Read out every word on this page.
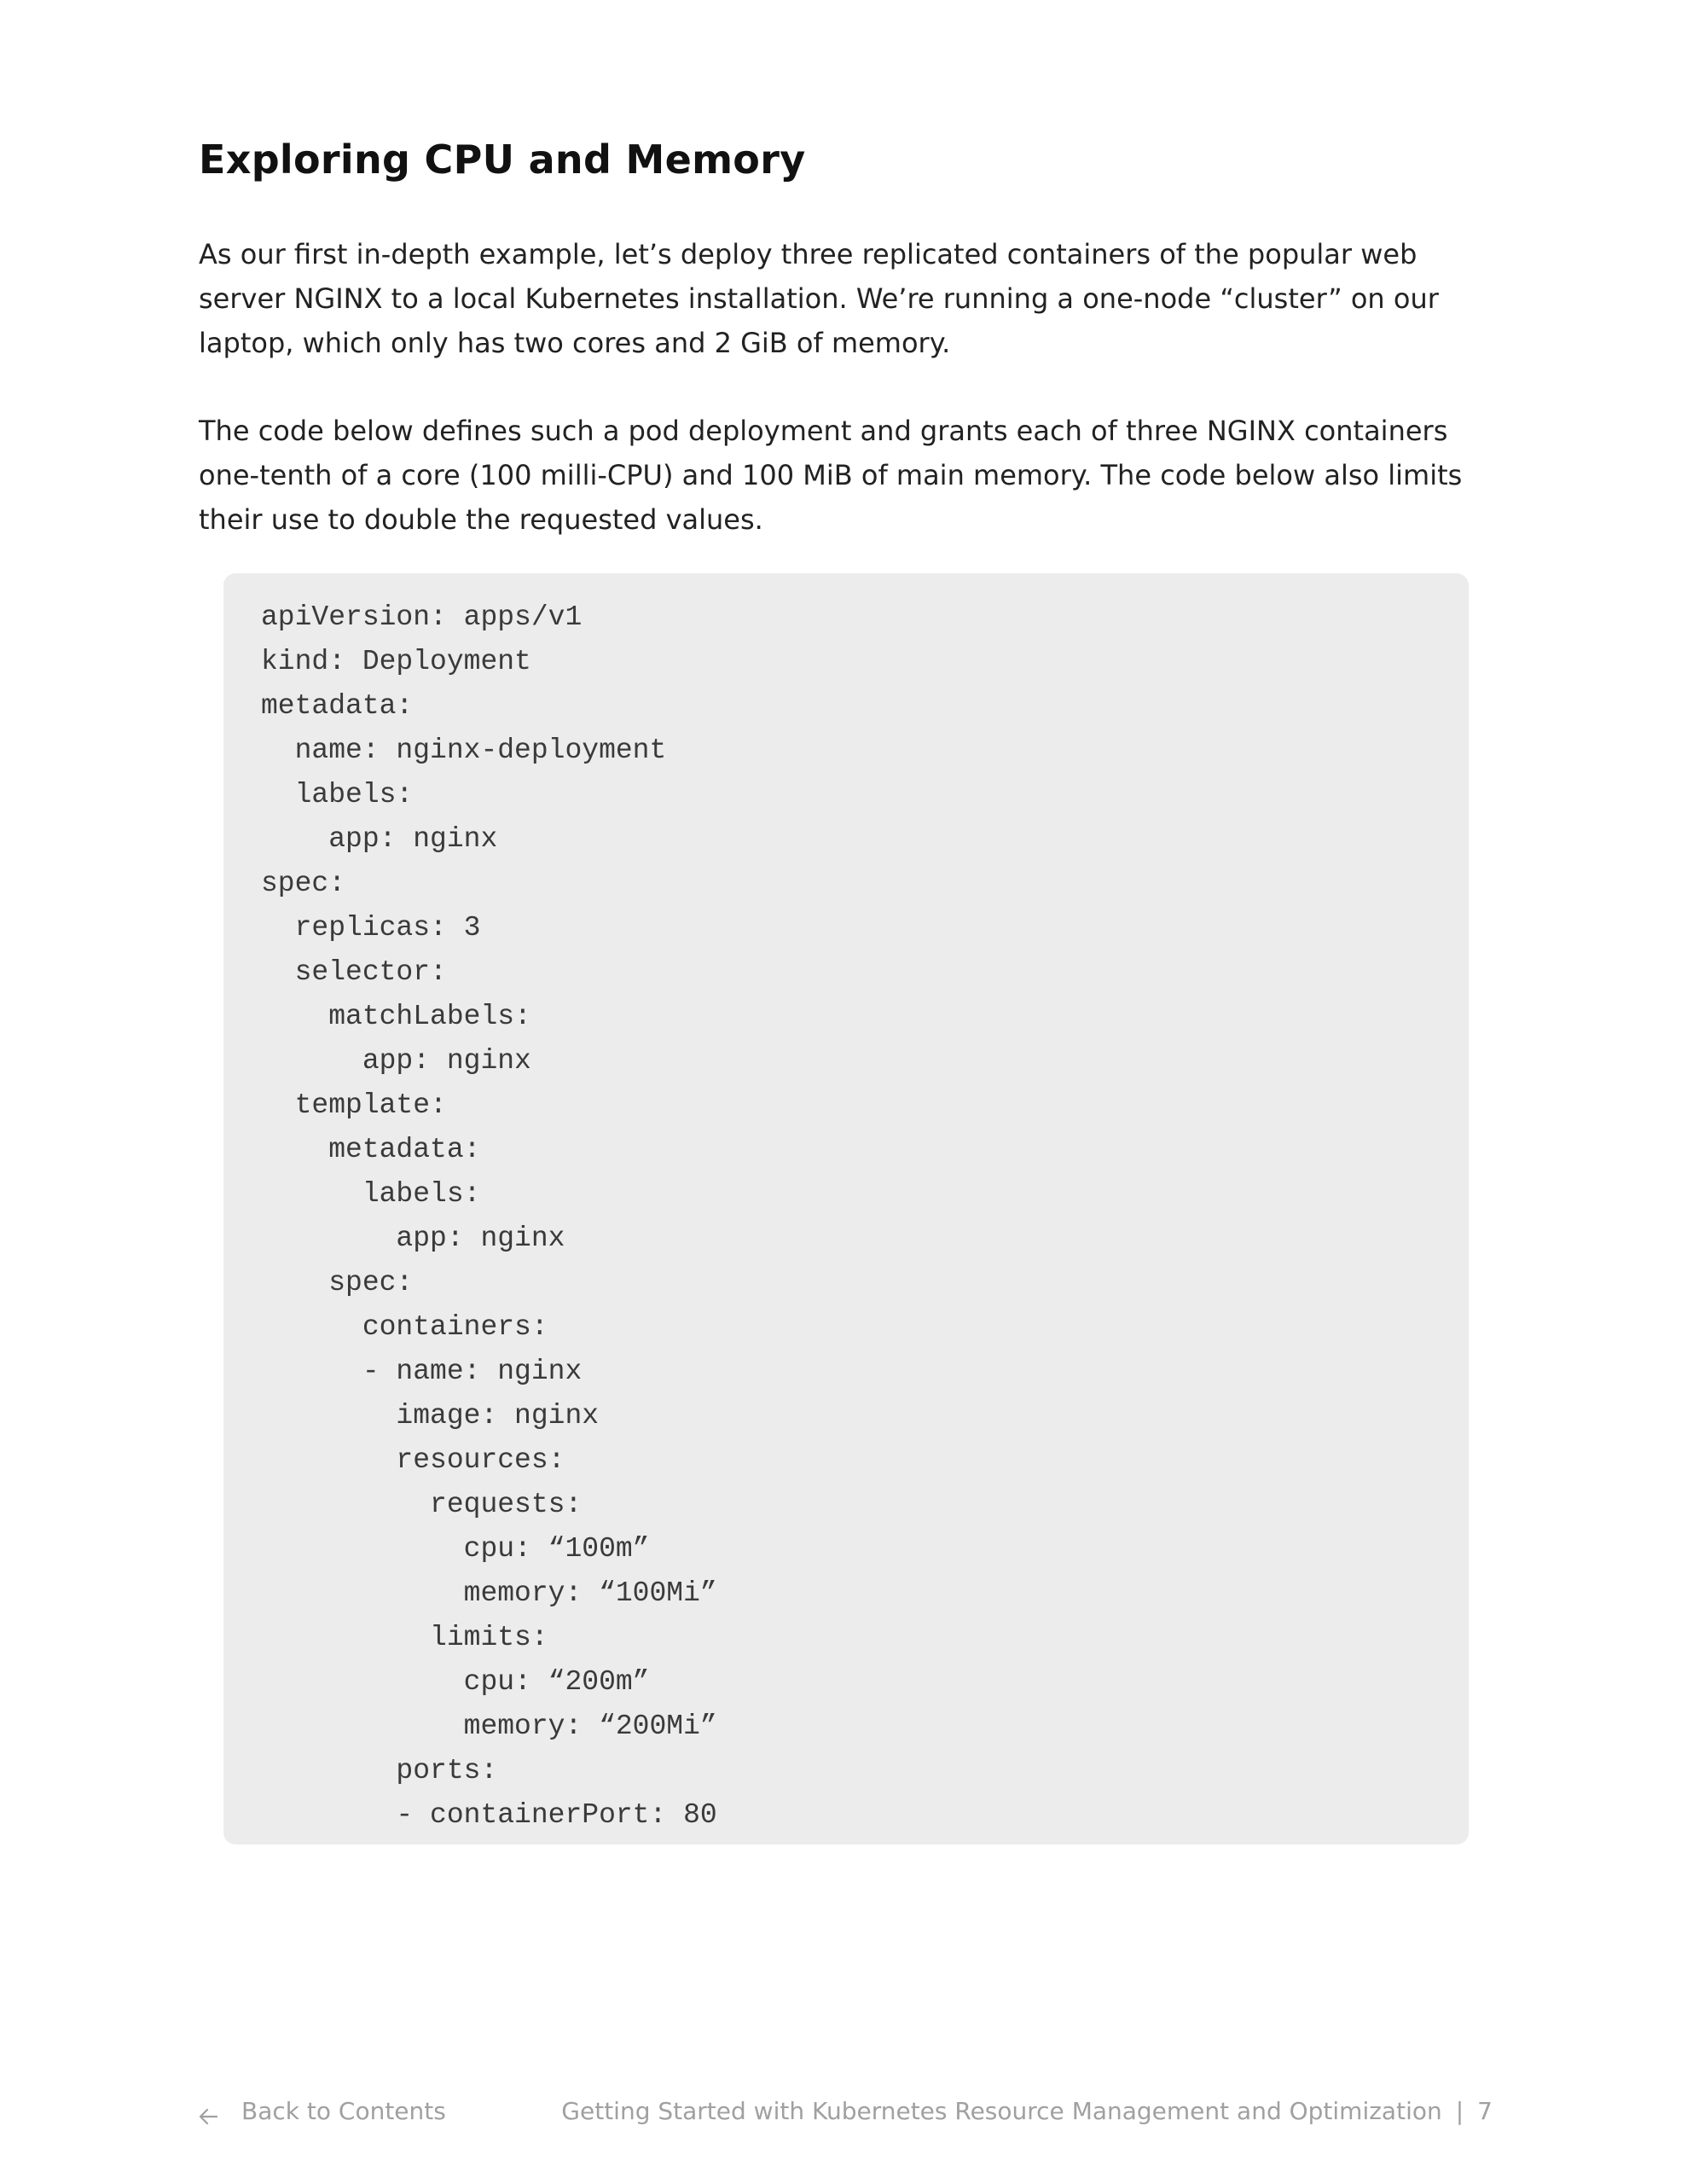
Exploring CPU and Memory

As our first in-depth example, let’s deploy three replicated containers of the popular web server NGINX to a local Kubernetes installation. We’re running a one-node “cluster” on our laptop, which only has two cores and 2 GiB of memory.

The code below defines such a pod deployment and grants each of three NGINX containers one-tenth of a core (100 milli-CPU) and 100 MiB of main memory. The code below also limits their use to double the requested values.

apiVersion: apps/v1
kind: Deployment
metadata:
name: nginx-deployment
labels:
app: nginx
spec:
replicas: 3
selector:
matchLabels:
app: nginx
template:
metadata:
labels:
app: nginx
spec:
containers:
- name: nginx
image: nginx
resources:
requests:
cpu: “100m”
memory: “100Mi”
limits:
cpu: “200m”
memory: “200Mi”
ports:
- containerPort: 80
Back to Contents	Getting Started with Kubernetes Resource Management and Optimization | 7
